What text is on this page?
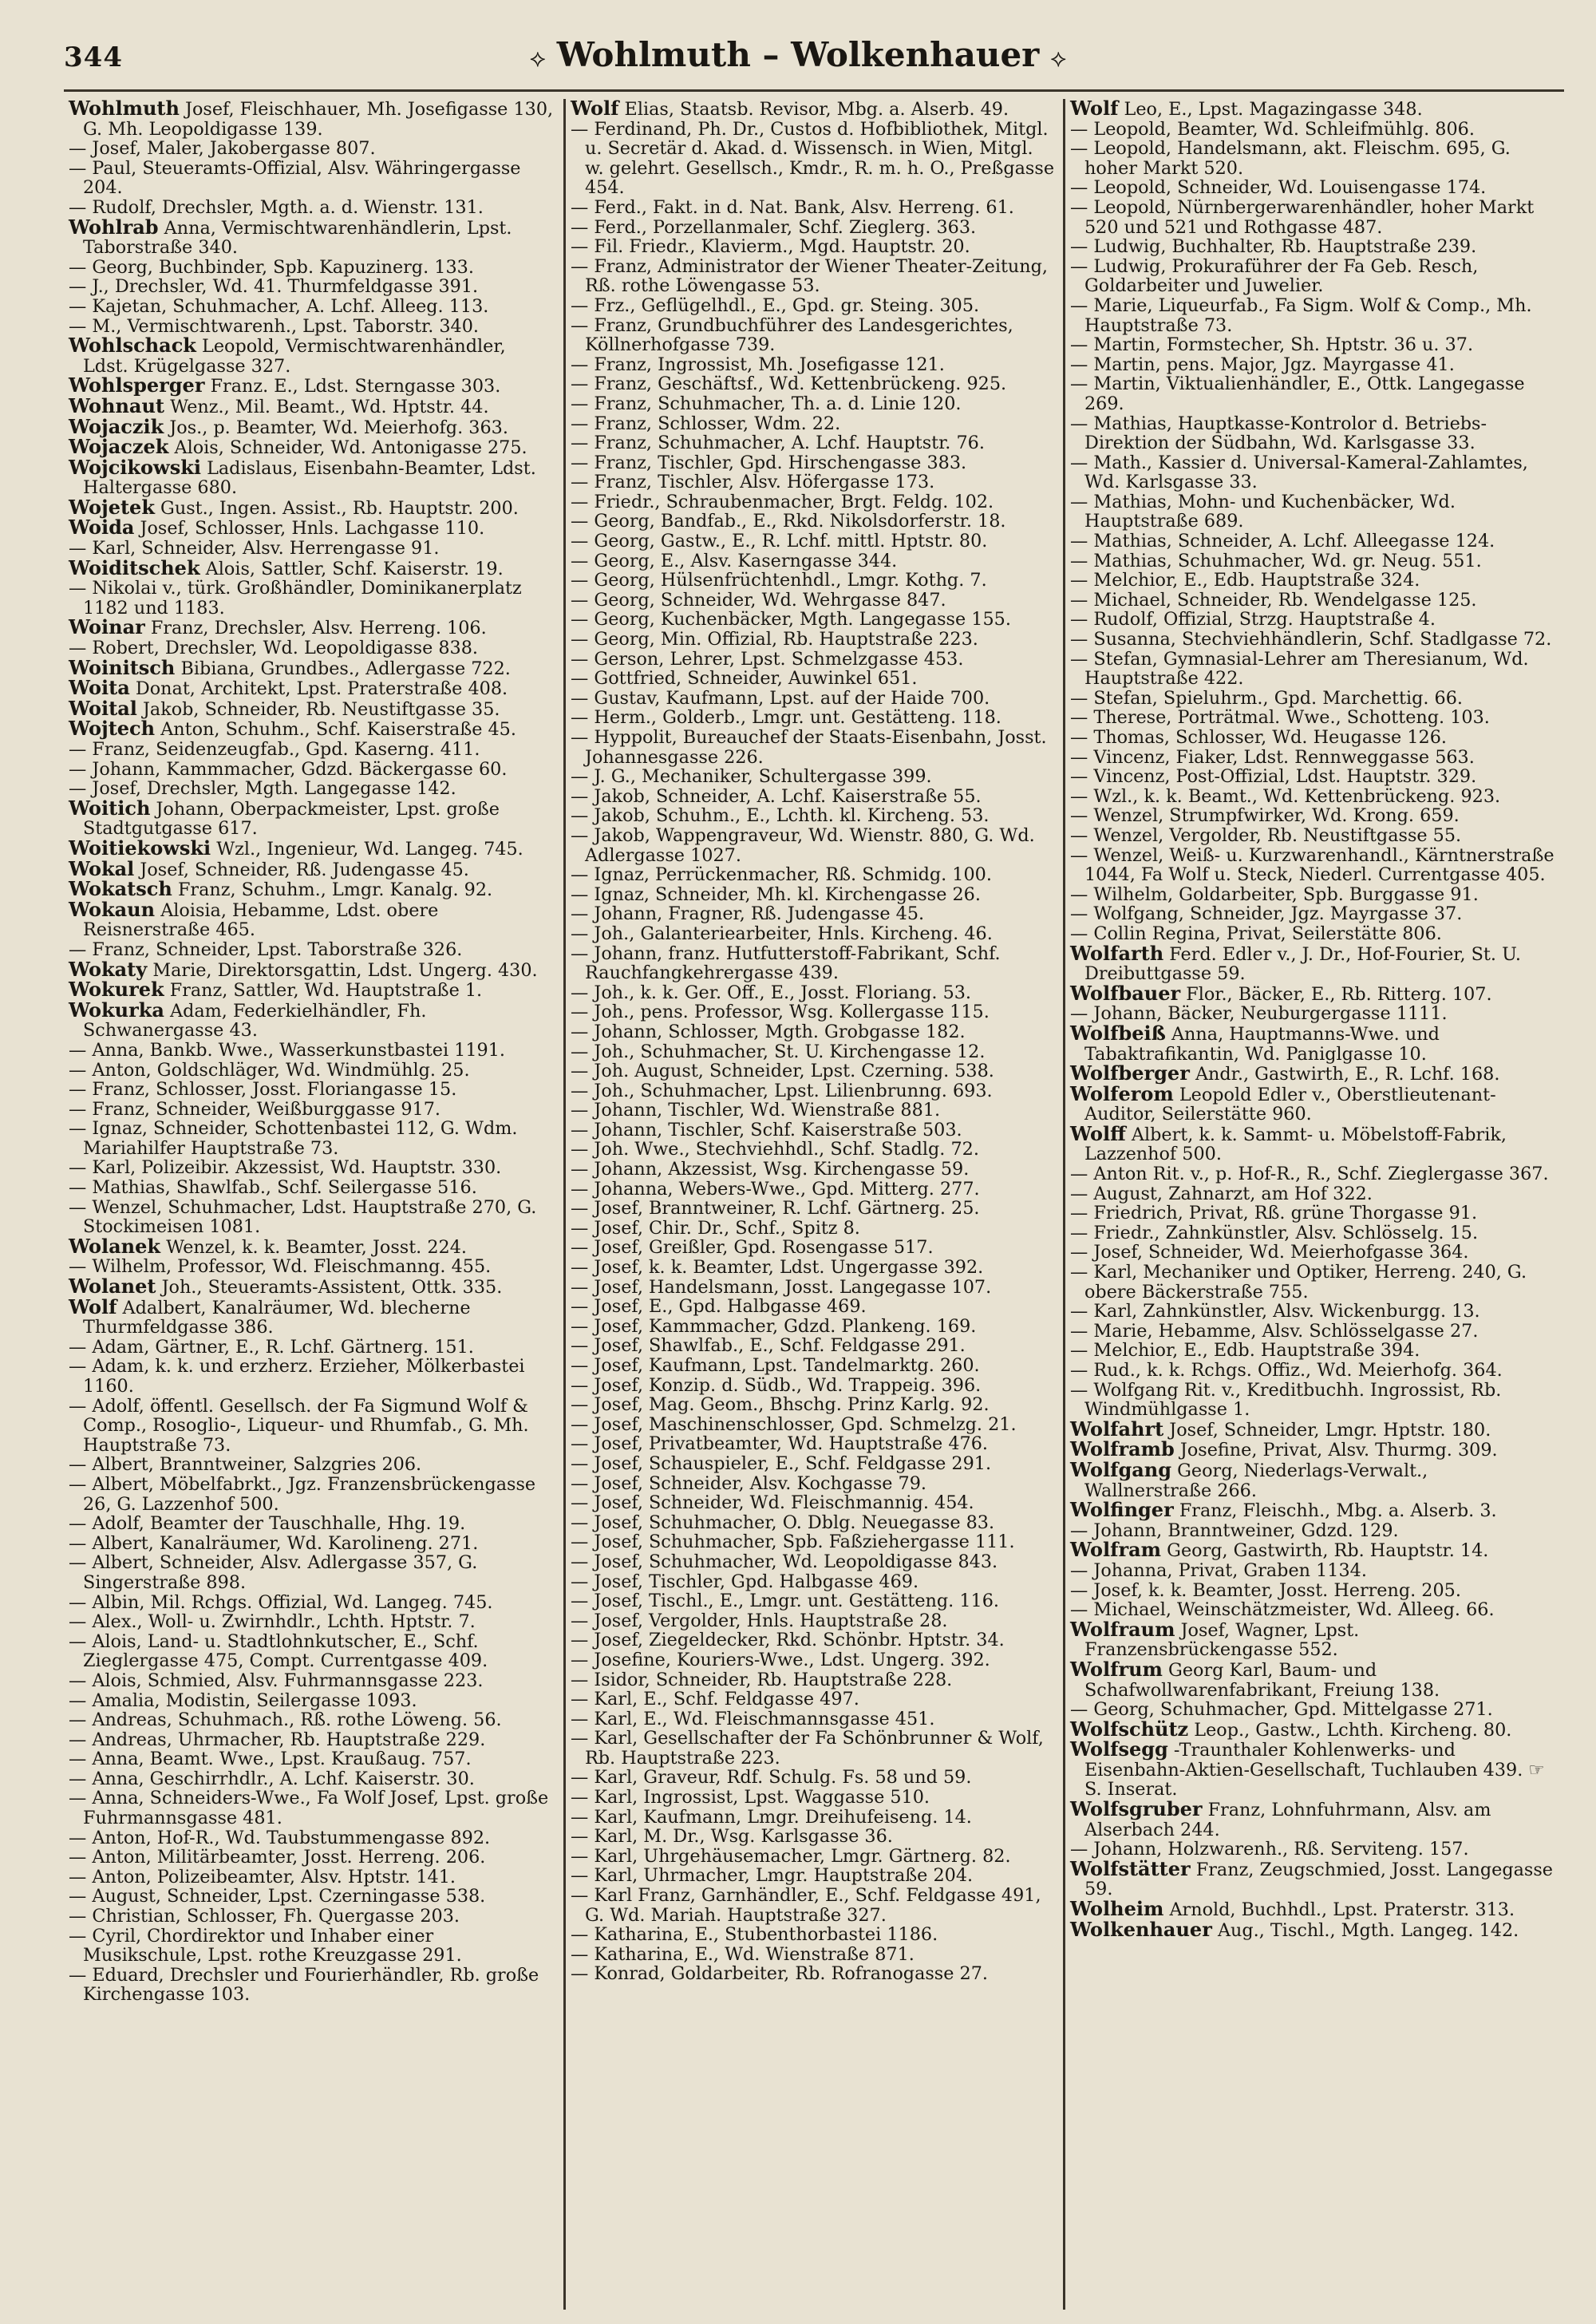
344	⟡ Wohlmuth – Wolkenhauer ⟡

Wohlmuth Josef, Fleischhauer, Mh. Josefigasse 130, G. Mh. Leopoldigasse 139.

— Josef, Maler, Jakobergasse 807.

— Paul, Steueramts-Offizial, Alsv. Währingergasse 204.

— Rudolf, Drechsler, Mgth. a. d. Wienstr. 131.

Wohlrab Anna, Vermischtwarenhändlerin, Lpst. Taborstraße 340.

— Georg, Buchbinder, Spb. Kapuzinerg. 133.

— J., Drechsler, Wd. 41. Thurmfeldgasse 391.

— Kajetan, Schuhmacher, A. Lchf. Alleeg. 113.

— M., Vermischtwarenh., Lpst. Taborstr. 340.

Wohlschack Leopold, Vermischtwarenhändler, Ldst. Krügelgasse 327.

Wohlsperger Franz. E., Ldst. Sterngasse 303.

Wohnaut Wenz., Mil. Beamt., Wd. Hptstr. 44.

Wojaczik Jos., p. Beamter, Wd. Meierhofg. 363.

Wojaczek Alois, Schneider, Wd. Antonigasse 275.

Wojcikowski Ladislaus, Eisenbahn-Beamter, Ldst. Haltergasse 680.

Wojetek Gust., Ingen. Assist., Rb. Hauptstr. 200.

Woida Josef, Schlosser, Hnls. Lachgasse 110.

— Karl, Schneider, Alsv. Herrengasse 91.

Woiditschek Alois, Sattler, Schf. Kaiserstr. 19.

— Nikolai v., türk. Großhändler, Dominikanerplatz 1182 und 1183.

Woinar Franz, Drechsler, Alsv. Herreng. 106.

— Robert, Drechsler, Wd. Leopoldigasse 838.

Woinitsch Bibiana, Grundbes., Adlergasse 722.

Woita Donat, Architekt, Lpst. Praterstraße 408.

Woital Jakob, Schneider, Rb. Neustiftgasse 35.

Wojtech Anton, Schuhm., Schf. Kaiserstraße 45.

— Franz, Seidenzeugfab., Gpd. Kaserng. 411.

— Johann, Kammmacher, Gdzd. Bäckergasse 60.

— Josef, Drechsler, Mgth. Langegasse 142.

Woitich Johann, Oberpackmeister, Lpst. große Stadtgutgasse 617.

Woitiekowski Wzl., Ingenieur, Wd. Langeg. 745.

Wokal Josef, Schneider, Rß. Judengasse 45.

Wokatsch Franz, Schuhm., Lmgr. Kanalg. 92.

Wokaun Aloisia, Hebamme, Ldst. obere Reisnerstraße 465.

— Franz, Schneider, Lpst. Taborstraße 326.

Wokaty Marie, Direktorsgattin, Ldst. Ungerg. 430.

Wokurek Franz, Sattler, Wd. Hauptstraße 1.

Wokurka Adam, Federkielhändler, Fh. Schwanergasse 43.

— Anna, Bankb. Wwe., Wasserkunstbastei 1191.

— Anton, Goldschläger, Wd. Windmühlg. 25.

— Franz, Schlosser, Josst. Floriangasse 15.

— Franz, Schneider, Weißburggasse 917.

— Ignaz, Schneider, Schottenbastei 112, G. Wdm. Mariahilfer Hauptstraße 73.

— Karl, Polizeibir. Akzessist, Wd. Hauptstr. 330.

— Mathias, Shawlfab., Schf. Seilergasse 516.

— Wenzel, Schuhmacher, Ldst. Hauptstraße 270, G. Stockimeisen 1081.

Wolanek Wenzel, k. k. Beamter, Josst. 224.

— Wilhelm, Professor, Wd. Fleischmanng. 455.

Wolanet Joh., Steueramts-Assistent, Ottk. 335.

Wolf Adalbert, Kanalräumer, Wd. blecherne Thurmfeldgasse 386.

— Adam, Gärtner, E., R. Lchf. Gärtnerg. 151.

— Adam, k. k. und erzherz. Erzieher, Mölkerbastei 1160.

— Adolf, öffentl. Gesellsch. der Fa Sigmund Wolf & Comp., Rosoglio-, Liqueur- und Rhumfab., G. Mh. Hauptstraße 73.

— Albert, Branntweiner, Salzgries 206.

— Albert, Möbelfabrkt., Jgz. Franzensbrückengasse 26, G. Lazzenhof 500.

— Adolf, Beamter der Tauschhalle, Hhg. 19.

— Albert, Kanalräumer, Wd. Karolineng. 271.

— Albert, Schneider, Alsv. Adlergasse 357, G. Singerstraße 898.

— Albin, Mil. Rchgs. Offizial, Wd. Langeg. 745.

— Alex., Woll- u. Zwirnhdlr., Lchth. Hptstr. 7.

— Alois, Land- u. Stadtlohnkutscher, E., Schf. Zieglergasse 475, Compt. Currentgasse 409.

— Alois, Schmied, Alsv. Fuhrmannsgasse 223.

— Amalia, Modistin, Seilergasse 1093.

— Andreas, Schuhmach., Rß. rothe Löweng. 56.

— Andreas, Uhrmacher, Rb. Hauptstraße 229.

— Anna, Beamt. Wwe., Lpst. Kraußaug. 757.

— Anna, Geschirrhdlr., A. Lchf. Kaiserstr. 30.

— Anna, Schneiders-Wwe., Fa Wolf Josef, Lpst. große Fuhrmannsgasse 481.

— Anton, Hof-R., Wd. Taubstummengasse 892.

— Anton, Militärbeamter, Josst. Herreng. 206.

— Anton, Polizeibeamter, Alsv. Hptstr. 141.

— August, Schneider, Lpst. Czerningasse 538.

— Christian, Schlosser, Fh. Quergasse 203.

— Cyril, Chordirektor und Inhaber einer Musikschule, Lpst. rothe Kreuzgasse 291.

— Eduard, Drechsler und Fourierhändler, Rb. große Kirchengasse 103.

Wolf Elias, Staatsb. Revisor, Mbg. a. Alserb. 49.

— Ferdinand, Ph. Dr., Custos d. Hofbibliothek, Mitgl. u. Secretär d. Akad. d. Wissensch. in Wien, Mitgl. w. gelehrt. Gesellsch., Kmdr., R. m. h. O., Preßgasse 454.

— Ferd., Fakt. in d. Nat. Bank, Alsv. Herreng. 61.

— Ferd., Porzellanmaler, Schf. Zieglerg. 363.

— Fil. Friedr., Klavierm., Mgd. Hauptstr. 20.

— Franz, Administrator der Wiener Theater-Zeitung, Rß. rothe Löwengasse 53.

— Frz., Geflügelhdl., E., Gpd. gr. Steing. 305.

— Franz, Grundbuchführer des Landesgerichtes, Köllnerhofgasse 739.

— Franz, Ingrossist, Mh. Josefigasse 121.

— Franz, Geschäftsf., Wd. Kettenbrückeng. 925.

— Franz, Schuhmacher, Th. a. d. Linie 120.

— Franz, Schlosser, Wdm. 22.

— Franz, Schuhmacher, A. Lchf. Hauptstr. 76.

— Franz, Tischler, Gpd. Hirschengasse 383.

— Franz, Tischler, Alsv. Höfergasse 173.

— Friedr., Schraubenmacher, Brgt. Feldg. 102.

— Georg, Bandfab., E., Rkd. Nikolsdorferstr. 18.

— Georg, Gastw., E., R. Lchf. mittl. Hptstr. 80.

— Georg, E., Alsv. Kaserngasse 344.

— Georg, Hülsenfrüchtenhdl., Lmgr. Kothg. 7.

— Georg, Schneider, Wd. Wehrgasse 847.

— Georg, Kuchenbäcker, Mgth. Langegasse 155.

— Georg, Min. Offizial, Rb. Hauptstraße 223.

— Gerson, Lehrer, Lpst. Schmelzgasse 453.

— Gottfried, Schneider, Auwinkel 651.

— Gustav, Kaufmann, Lpst. auf der Haide 700.

— Herm., Golderb., Lmgr. unt. Gestätteng. 118.

— Hyppolit, Bureauchef der Staats-Eisenbahn, Josst. Johannesgasse 226.

— J. G., Mechaniker, Schultergasse 399.

— Jakob, Schneider, A. Lchf. Kaiserstraße 55.

— Jakob, Schuhm., E., Lchth. kl. Kircheng. 53.

— Jakob, Wappengraveur, Wd. Wienstr. 880, G. Wd. Adlergasse 1027.

— Ignaz, Perrückenmacher, Rß. Schmidg. 100.

— Ignaz, Schneider, Mh. kl. Kirchengasse 26.

— Johann, Fragner, Rß. Judengasse 45.

— Joh., Galanteriearbeiter, Hnls. Kircheng. 46.

— Johann, franz. Hutfutterstoff-Fabrikant, Schf. Rauchfangkehrergasse 439.

— Joh., k. k. Ger. Off., E., Josst. Floriang. 53.

— Joh., pens. Professor, Wsg. Kollergasse 115.

— Johann, Schlosser, Mgth. Grobgasse 182.

— Joh., Schuhmacher, St. U. Kirchengasse 12.

— Joh. August, Schneider, Lpst. Czerning. 538.

— Joh., Schuhmacher, Lpst. Lilienbrunng. 693.

— Johann, Tischler, Wd. Wienstraße 881.

— Johann, Tischler, Schf. Kaiserstraße 503.

— Joh. Wwe., Stechviehhdl., Schf. Stadlg. 72.

— Johann, Akzessist, Wsg. Kirchengasse 59.

— Johanna, Webers-Wwe., Gpd. Mitterg. 277.

— Josef, Branntweiner, R. Lchf. Gärtnerg. 25.

— Josef, Chir. Dr., Schf., Spitz 8.

— Josef, Greißler, Gpd. Rosengasse 517.

— Josef, k. k. Beamter, Ldst. Ungergasse 392.

— Josef, Handelsmann, Josst. Langegasse 107.

— Josef, E., Gpd. Halbgasse 469.

— Josef, Kammmacher, Gdzd. Plankeng. 169.

— Josef, Shawlfab., E., Schf. Feldgasse 291.

— Josef, Kaufmann, Lpst. Tandelmarktg. 260.

— Josef, Konzip. d. Südb., Wd. Trappeig. 396.

— Josef, Mag. Geom., Bhschg. Prinz Karlg. 92.

— Josef, Maschinenschlosser, Gpd. Schmelzg. 21.

— Josef, Privatbeamter, Wd. Hauptstraße 476.

— Josef, Schauspieler, E., Schf. Feldgasse 291.

— Josef, Schneider, Alsv. Kochgasse 79.

— Josef, Schneider, Wd. Fleischmannig. 454.

— Josef, Schuhmacher, O. Dblg. Neuegasse 83.

— Josef, Schuhmacher, Spb. Faßziehergasse 111.

— Josef, Schuhmacher, Wd. Leopoldigasse 843.

— Josef, Tischler, Gpd. Halbgasse 469.

— Josef, Tischl., E., Lmgr. unt. Gestätteng. 116.

— Josef, Vergolder, Hnls. Hauptstraße 28.

— Josef, Ziegeldecker, Rkd. Schönbr. Hptstr. 34.

— Josefine, Kouriers-Wwe., Ldst. Ungerg. 392.

— Isidor, Schneider, Rb. Hauptstraße 228.

— Karl, E., Schf. Feldgasse 497.

— Karl, E., Wd. Fleischmannsgasse 451.

— Karl, Gesellschafter der Fa Schönbrunner & Wolf, Rb. Hauptstraße 223.

— Karl, Graveur, Rdf. Schulg. Fs. 58 und 59.

— Karl, Ingrossist, Lpst. Waggasse 510.

— Karl, Kaufmann, Lmgr. Dreihufeiseng. 14.

— Karl, M. Dr., Wsg. Karlsgasse 36.

— Karl, Uhrgehäusemacher, Lmgr. Gärtnerg. 82.

— Karl, Uhrmacher, Lmgr. Hauptstraße 204.

— Karl Franz, Garnhändler, E., Schf. Feldgasse 491, G. Wd. Mariah. Hauptstraße 327.

— Katharina, E., Stubenthorbastei 1186.

— Katharina, E., Wd. Wienstraße 871.

— Konrad, Goldarbeiter, Rb. Rofranogasse 27.

Wolf Leo, E., Lpst. Magazingasse 348.

— Leopold, Beamter, Wd. Schleifmühlg. 806.

— Leopold, Handelsmann, akt. Fleischm. 695, G. hoher Markt 520.

— Leopold, Schneider, Wd. Louisengasse 174.

— Leopold, Nürnbergerwarenhändler, hoher Markt 520 und 521 und Rothgasse 487.

— Ludwig, Buchhalter, Rb. Hauptstraße 239.

— Ludwig, Prokuraführer der Fa Geb. Resch, Goldarbeiter und Juwelier.

— Marie, Liqueurfab., Fa Sigm. Wolf & Comp., Mh. Hauptstraße 73.

— Martin, Formstecher, Sh. Hptstr. 36 u. 37.

— Martin, pens. Major, Jgz. Mayrgasse 41.

— Martin, Viktualienhändler, E., Ottk. Langegasse 269.

— Mathias, Hauptkasse-Kontrolor d. Betriebs-Direktion der Südbahn, Wd. Karlsgasse 33.

— Math., Kassier d. Universal-Kameral-Zahlamtes, Wd. Karlsgasse 33.

— Mathias, Mohn- und Kuchenbäcker, Wd. Hauptstraße 689.

— Mathias, Schneider, A. Lchf. Alleegasse 124.

— Mathias, Schuhmacher, Wd. gr. Neug. 551.

— Melchior, E., Edb. Hauptstraße 324.

— Michael, Schneider, Rb. Wendelgasse 125.

— Rudolf, Offizial, Strzg. Hauptstraße 4.

— Susanna, Stechviehhändlerin, Schf. Stadlgasse 72.

— Stefan, Gymnasial-Lehrer am Theresianum, Wd. Hauptstraße 422.

— Stefan, Spieluhrm., Gpd. Marchettig. 66.

— Therese, Porträtmal. Wwe., Schotteng. 103.

— Thomas, Schlosser, Wd. Heugasse 126.

— Vincenz, Fiaker, Ldst. Rennweggasse 563.

— Vincenz, Post-Offizial, Ldst. Hauptstr. 329.

— Wzl., k. k. Beamt., Wd. Kettenbrückeng. 923.

— Wenzel, Strumpfwirker, Wd. Krong. 659.

— Wenzel, Vergolder, Rb. Neustiftgasse 55.

— Wenzel, Weiß- u. Kurzwarenhandl., Kärntnerstraße 1044, Fa Wolf u. Steck, Niederl. Currentgasse 405.

— Wilhelm, Goldarbeiter, Spb. Burggasse 91.

— Wolfgang, Schneider, Jgz. Mayrgasse 37.

— Collin Regina, Privat, Seilerstätte 806.

Wolfarth Ferd. Edler v., J. Dr., Hof-Fourier, St. U. Dreibuttgasse 59.

Wolfbauer Flor., Bäcker, E., Rb. Ritterg. 107.

— Johann, Bäcker, Neuburgergasse 1111.

Wolfbeiß Anna, Hauptmanns-Wwe. und Tabaktrafikantin, Wd. Paniglgasse 10.

Wolfberger Andr., Gastwirth, E., R. Lchf. 168.

Wolferom Leopold Edler v., Oberstlieutenant-Auditor, Seilerstätte 960.

Wolff Albert, k. k. Sammt- u. Möbelstoff-Fabrik, Lazzenhof 500.

— Anton Rit. v., p. Hof-R., R., Schf. Zieglergasse 367.

— August, Zahnarzt, am Hof 322.

— Friedrich, Privat, Rß. grüne Thorgasse 91.

— Friedr., Zahnkünstler, Alsv. Schlösselg. 15.

— Josef, Schneider, Wd. Meierhofgasse 364.

— Karl, Mechaniker und Optiker, Herreng. 240, G. obere Bäckerstraße 755.

— Karl, Zahnkünstler, Alsv. Wickenburgg. 13.

— Marie, Hebamme, Alsv. Schlösselgasse 27.

— Melchior, E., Edb. Hauptstraße 394.

— Rud., k. k. Rchgs. Offiz., Wd. Meierhofg. 364.

— Wolfgang Rit. v., Kreditbuchh. Ingrossist, Rb. Windmühlgasse 1.

Wolfahrt Josef, Schneider, Lmgr. Hptstr. 180.

Wolframb Josefine, Privat, Alsv. Thurmg. 309.

Wolfgang Georg, Niederlags-Verwalt., Wallnerstraße 266.

Wolfinger Franz, Fleischh., Mbg. a. Alserb. 3.

— Johann, Branntweiner, Gdzd. 129.

Wolfram Georg, Gastwirth, Rb. Hauptstr. 14.

— Johanna, Privat, Graben 1134.

— Josef, k. k. Beamter, Josst. Herreng. 205.

— Michael, Weinschätzmeister, Wd. Alleeg. 66.

Wolfraum Josef, Wagner, Lpst. Franzensbrückengasse 552.

Wolfrum Georg Karl, Baum- und Schafwollwarenfabrikant, Freiung 138.

— Georg, Schuhmacher, Gpd. Mittelgasse 271.

Wolfschütz Leop., Gastw., Lchth. Kircheng. 80.

Wolfsegg -Traunthaler Kohlenwerks- und Eisenbahn-Aktien-Gesellschaft, Tuchlauben 439. ☞ S. Inserat.

Wolfsgruber Franz, Lohnfuhrmann, Alsv. am Alserbach 244.

— Johann, Holzwarenh., Rß. Serviteng. 157.

Wolfstätter Franz, Zeugschmied, Josst. Langegasse 59.

Wolheim Arnold, Buchhdl., Lpst. Praterstr. 313.

Wolkenhauer Aug., Tischl., Mgth. Langeg. 142.
